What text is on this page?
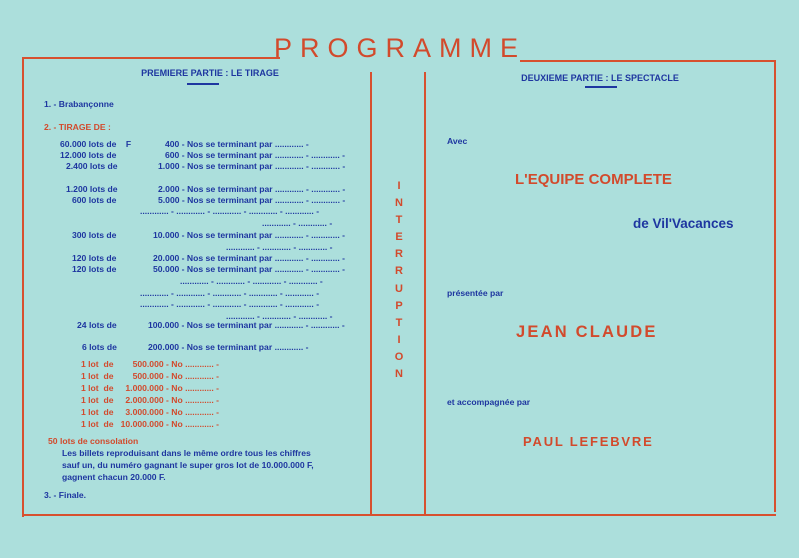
PROGRAMME
PREMIERE PARTIE : LE TIRAGE
1. - Brabançonne
2. - TIRAGE DE :
60.000 lots de    F	400 - Nos se terminant par ............ -
12.000 lots de	600 - Nos se terminant par ............ - ............ -
2.400 lots de	1.000 - Nos se terminant par ............ - ............ -
1.200 lots de	2.000 - Nos se terminant par ............ - ............ -
600 lots de	5.000 - Nos se terminant par ............ - ............ -
............ - ............ - ............ - ............ - ............ -
............ - ............ -
300 lots de	10.000 - Nos se terminant par ............ - ............ -
............ - ............ - ............ -
120 lots de	20.000 - Nos se terminant par ............ - ............ -
120 lots de	50.000 - Nos se terminant par ............ - ............ -
............ - ............ - ............ - ............ -
............ - ............ - ............ - ............ - ............ -
............ - ............ - ............ - ............ - ............ -
............ - ............ - ............ -
24 lots de	100.000 - Nos se terminant par ............ - ............ -
6 lots de	200.000 - Nos se terminant par ............ -
1 lot  de        500.000 - No ............ -
1 lot  de        500.000 - No ............ -
1 lot  de     1.000.000 - No ............ -
1 lot  de     2.000.000 - No ............ -
1 lot  de     3.000.000 - No ............ -
1 lot  de   10.000.000 - No ............ -
50 lots de consolation
Les billets reproduisant dans le même ordre tous les chiffres
sauf un, du numéro gagnant le super gros lot de 10.000.000 F,
gagnent chacun 20.000 F.
3. - Finale.
I
N
T
E
R
R
U
P
T
I
O
N
DEUXIEME PARTIE : LE SPECTACLE
Avec
L'EQUIPE COMPLETE
de Vil'Vacances
présentée par
JEAN CLAUDE
et accompagnée par
PAUL LEFEBVRE
